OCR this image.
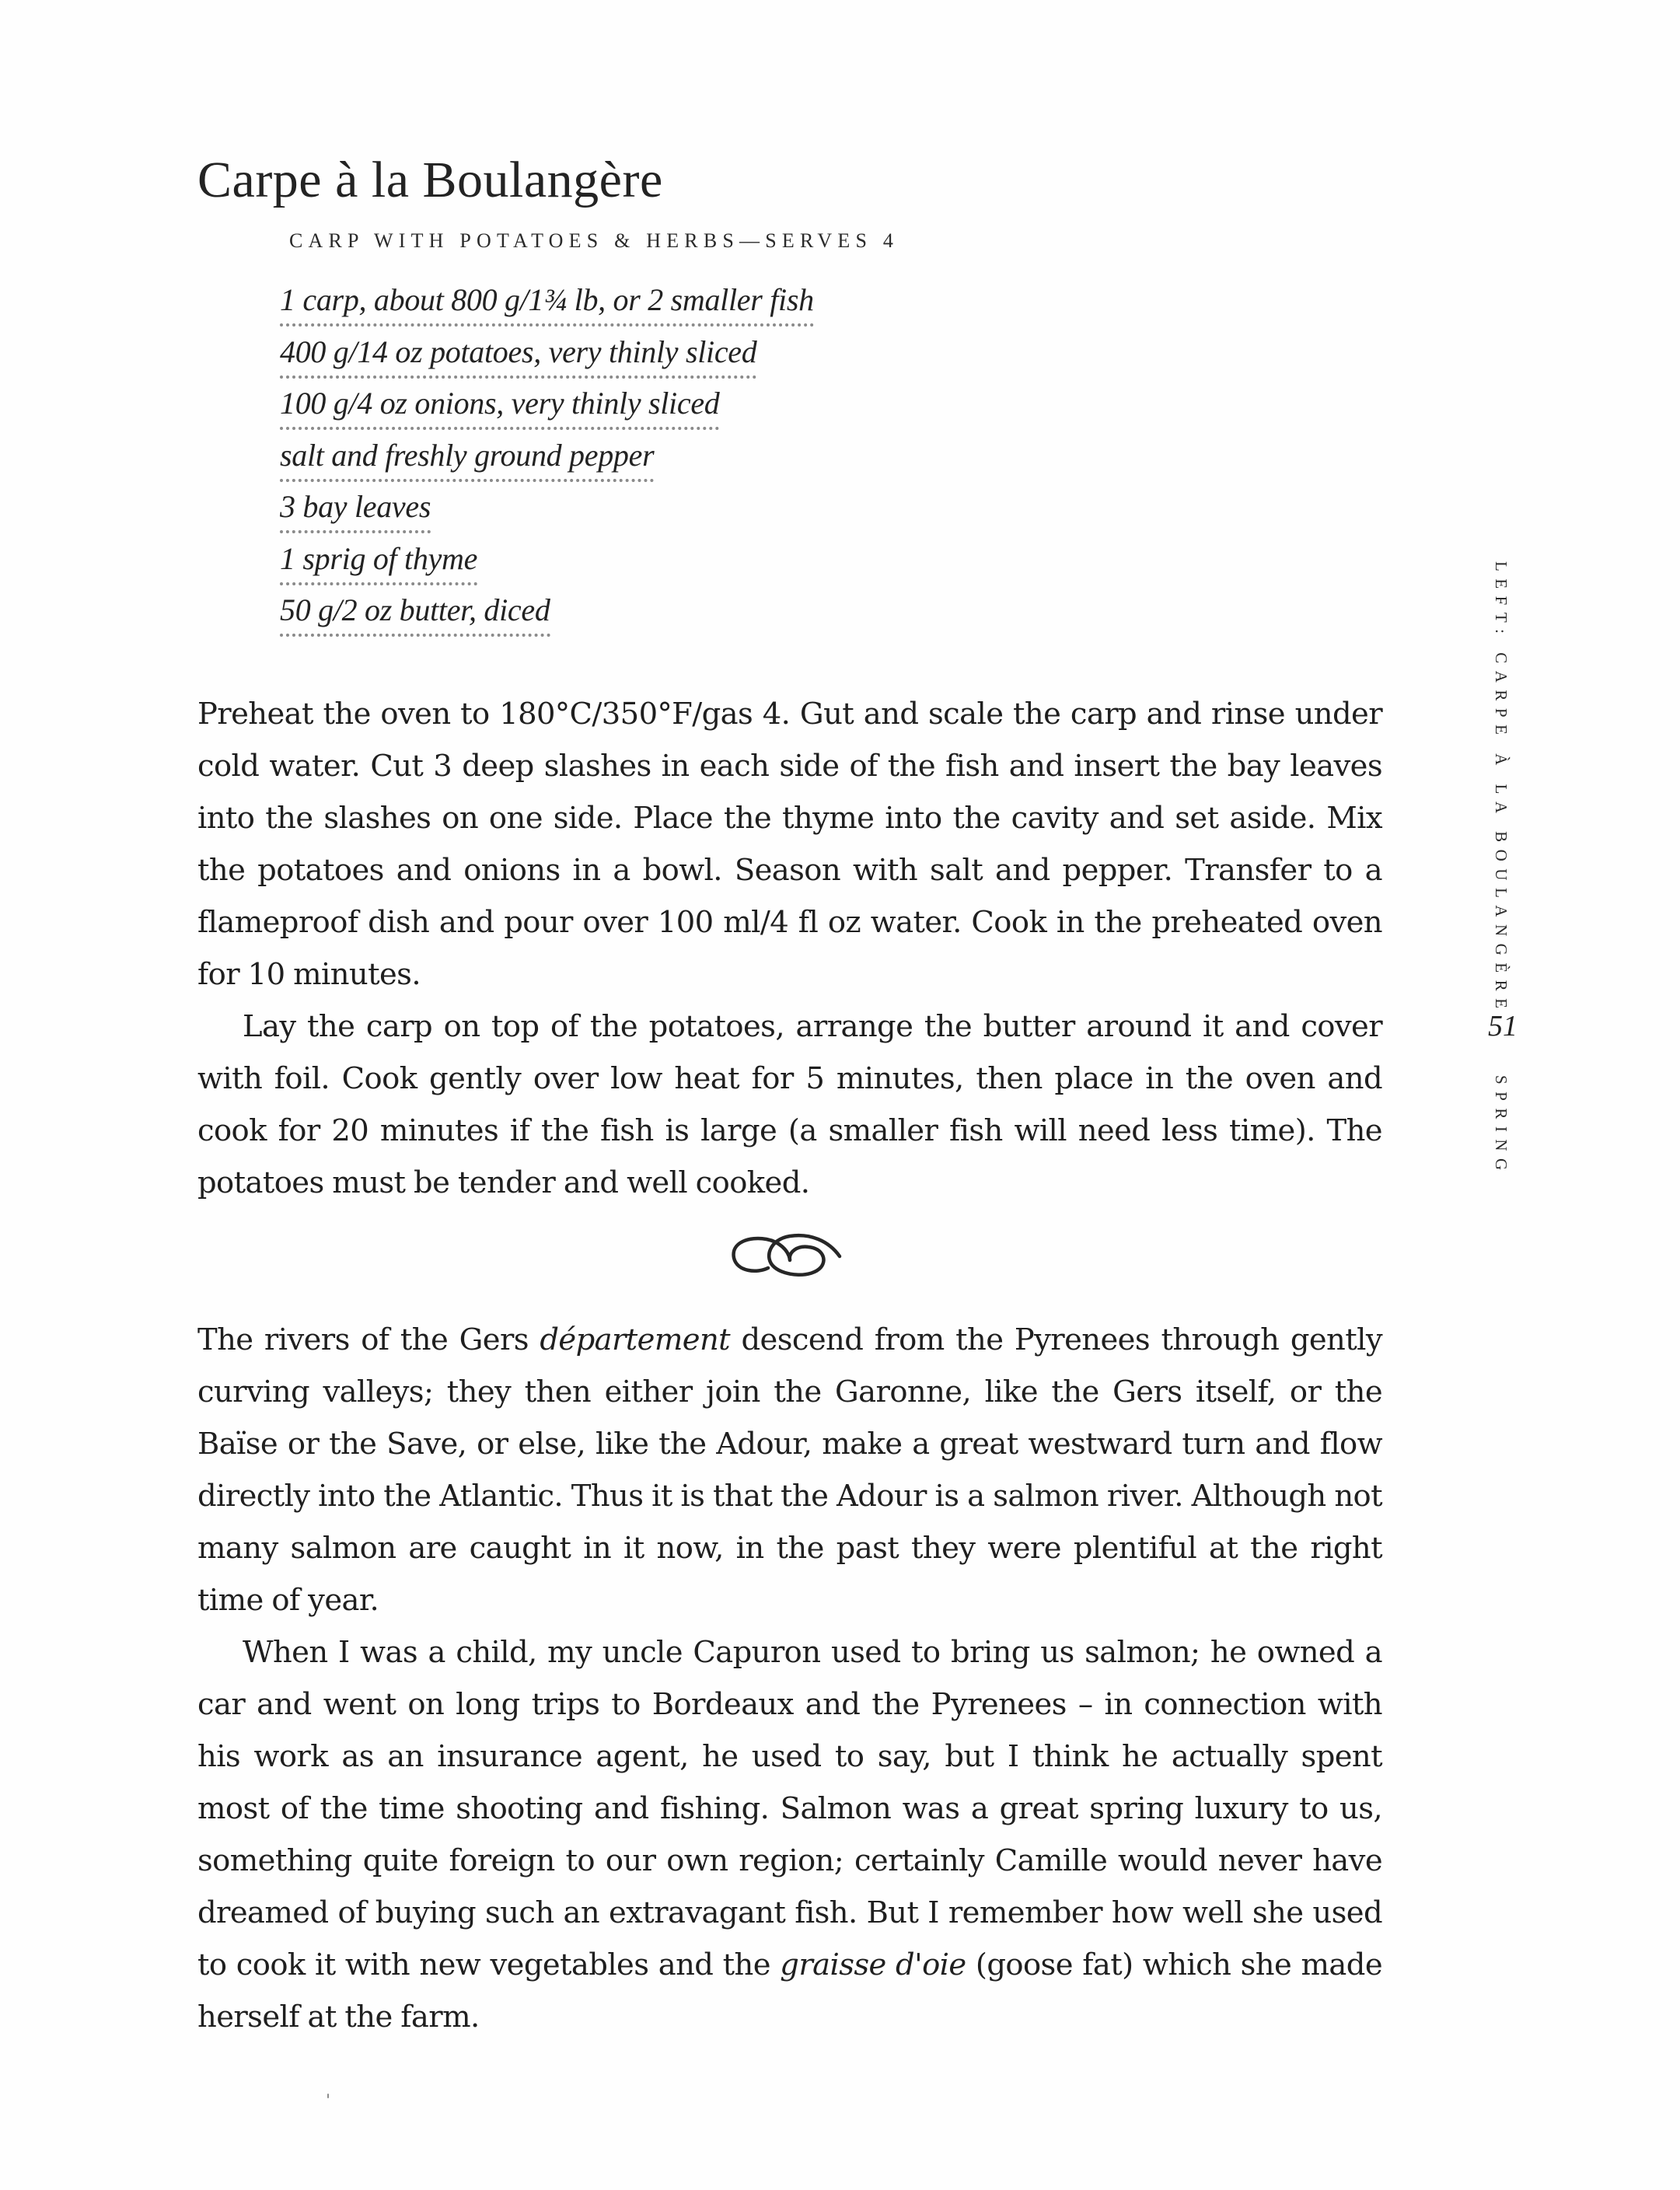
Carpe à la Boulangère
CARP WITH POTATOES & HERBS—SERVES 4
1 carp, about 800 g/1¾ lb, or 2 smaller fish
400 g/14 oz potatoes, very thinly sliced
100 g/4 oz onions, very thinly sliced
salt and freshly ground pepper
3 bay leaves
1 sprig of thyme
50 g/2 oz butter, diced

Preheat the oven to 180°C/350°F/gas 4. Gut and scale the carp and rinse under cold water. Cut 3 deep slashes in each side of the fish and insert the bay leaves into the slashes on one side. Place the thyme into the cavity and set aside. Mix the potatoes and onions in a bowl. Season with salt and pepper. Transfer to a flameproof dish and pour over 100 ml/4 fl oz water. Cook in the preheated oven for 10 minutes.

Lay the carp on top of the potatoes, arrange the butter around it and cover with foil. Cook gently over low heat for 5 minutes, then place in the oven and cook for 20 minutes if the fish is large (a smaller fish will need less time). The potatoes must be tender and well cooked.

The rivers of the Gers département descend from the Pyrenees through gently curving valleys; they then either join the Garonne, like the Gers itself, or the Baïse or the Save, or else, like the Adour, make a great westward turn and flow directly into the Atlantic. Thus it is that the Adour is a salmon river. Although not many salmon are caught in it now, in the past they were plentiful at the right time of year.

When I was a child, my uncle Capuron used to bring us salmon; he owned a car and went on long trips to Bordeaux and the Pyrenees – in connection with his work as an insurance agent, he used to say, but I think he actually spent most of the time shooting and fishing. Salmon was a great spring luxury to us, something quite foreign to our own region; certainly Camille would never have dreamed of buying such an extravagant fish. But I remember how well she used to cook it with new vegetables and the graisse d'oie (goose fat) which she made herself at the farm.

LEFT: CARPE À LA BOULANGÈRE
51
SPRING
